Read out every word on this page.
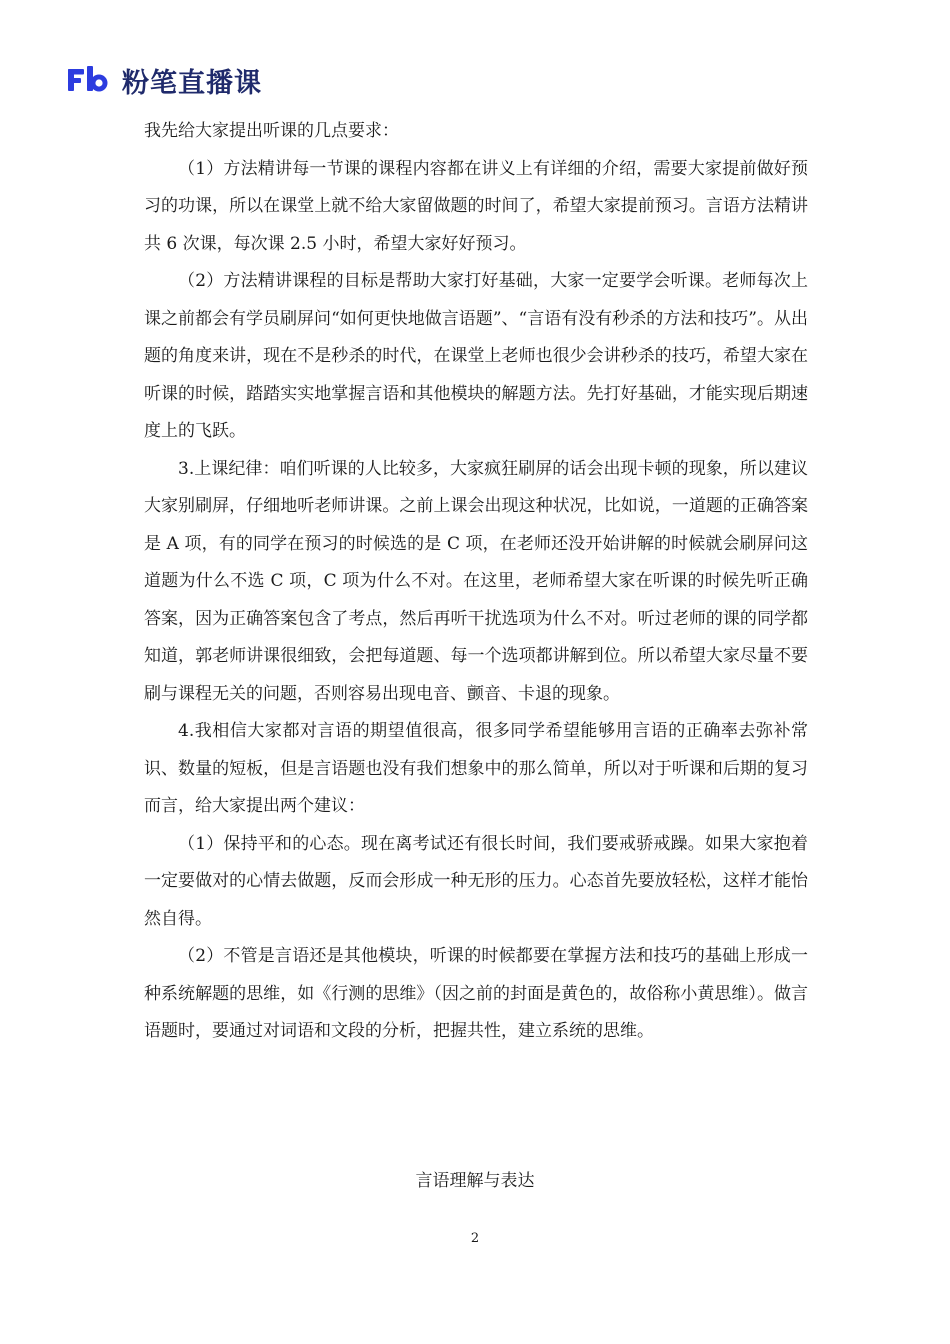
粉笔直播课

我先给大家提出听课的几点要求：

（1）方法精讲每一节课的课程内容都在讲义上有详细的介绍，需要大家提前做好预习的功课，所以在课堂上就不给大家留做题的时间了，希望大家提前预习。言语方法精讲共 6 次课，每次课 2.5 小时，希望大家好好预习。

（2）方法精讲课程的目标是帮助大家打好基础，大家一定要学会听课。老师每次上课之前都会有学员刷屏问“如何更快地做言语题”、“言语有没有秒杀的方法和技巧”。从出题的角度来讲，现在不是秒杀的时代，在课堂上老师也很少会讲秒杀的技巧，希望大家在听课的时候，踏踏实实地掌握言语和其他模块的解题方法。先打好基础，才能实现后期速度上的飞跃。

3.上课纪律：咱们听课的人比较多，大家疯狂刷屏的话会出现卡顿的现象，所以建议大家别刷屏，仔细地听老师讲课。之前上课会出现这种状况，比如说，一道题的正确答案是 A 项，有的同学在预习的时候选的是 C 项，在老师还没开始讲解的时候就会刷屏问这道题为什么不选 C 项，C 项为什么不对。在这里，老师希望大家在听课的时候先听正确答案，因为正确答案包含了考点，然后再听干扰选项为什么不对。听过老师的课的同学都知道，郭老师讲课很细致，会把每道题、每一个选项都讲解到位。所以希望大家尽量不要刷与课程无关的问题，否则容易出现电音、颤音、卡退的现象。

4.我相信大家都对言语的期望值很高，很多同学希望能够用言语的正确率去弥补常识、数量的短板，但是言语题也没有我们想象中的那么简单，所以对于听课和后期的复习而言，给大家提出两个建议：

（1）保持平和的心态。现在离考试还有很长时间，我们要戒骄戒躁。如果大家抱着一定要做对的心情去做题，反而会形成一种无形的压力。心态首先要放轻松，这样才能怡然自得。

（2）不管是言语还是其他模块，听课的时候都要在掌握方法和技巧的基础上形成一种系统解题的思维，如《行测的思维》（因之前的封面是黄色的，故俗称小黄思维）。做言语题时，要通过对词语和文段的分析，把握共性，建立系统的思维。

言语理解与表达
2
